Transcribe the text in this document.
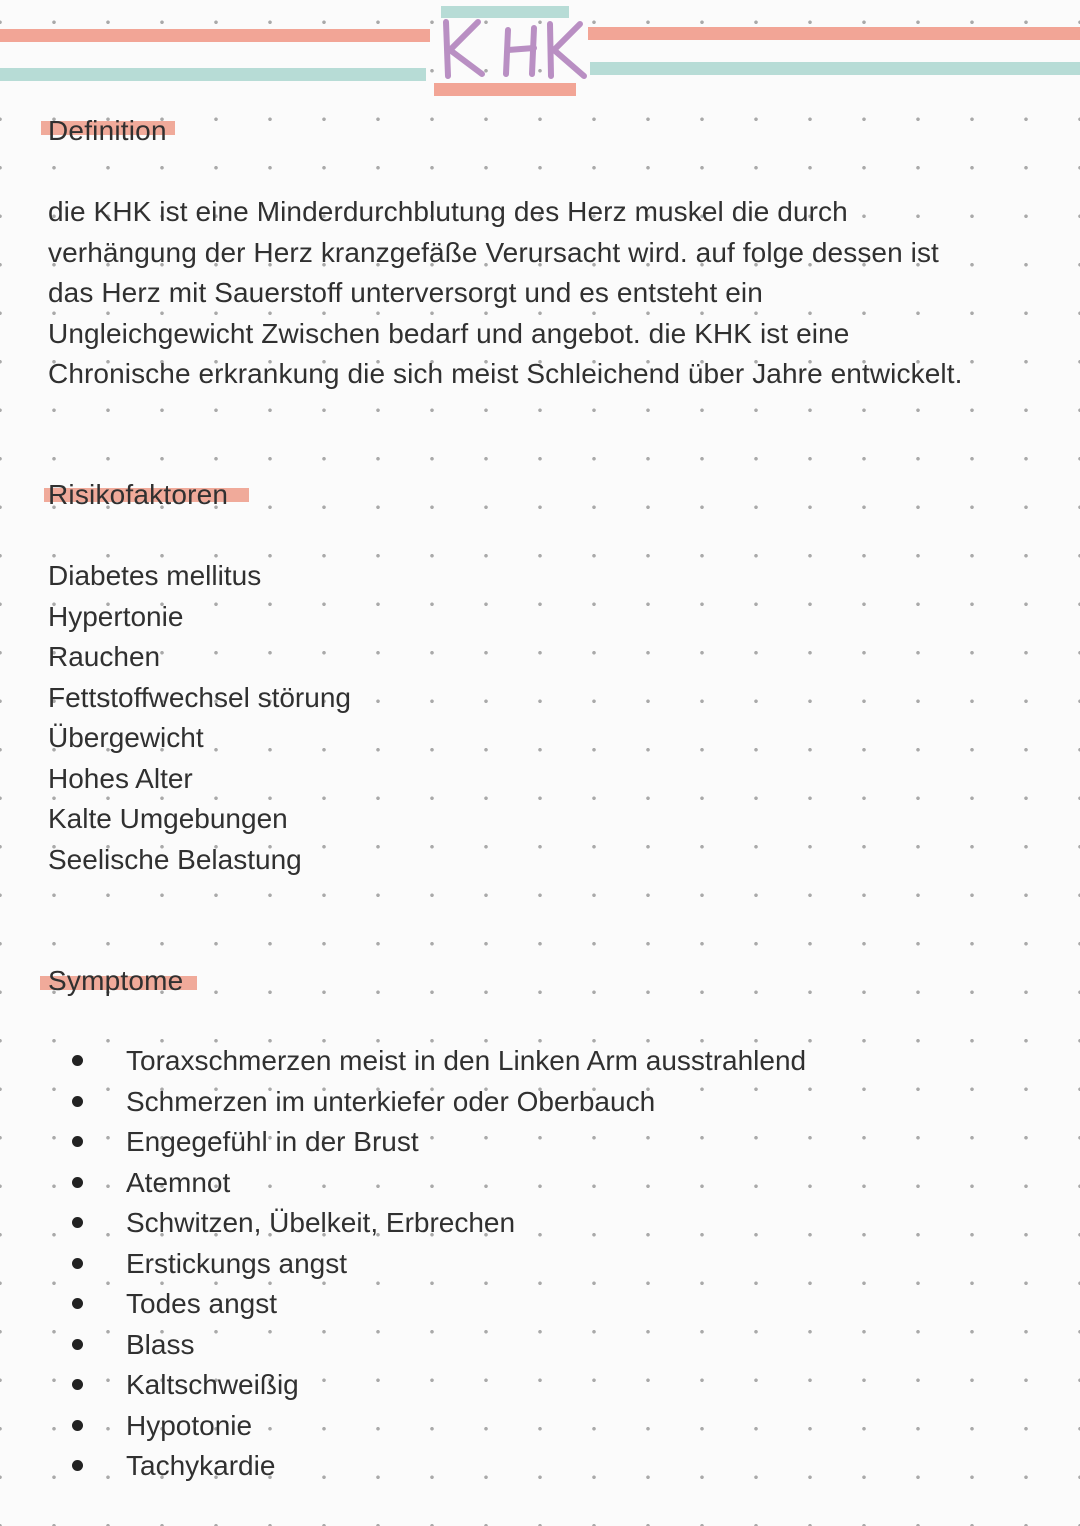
Definition
die KHK ist eine Minderdurchblutung des Herz muskel die durch
verhängung der Herz kranzgefäße Verursacht wird. auf folge dessen ist
das Herz mit Sauerstoff unterversorgt und es entsteht ein
Ungleichgewicht Zwischen bedarf und angebot. die KHK ist eine
Chronische erkrankung die sich meist Schleichend über Jahre entwickelt.
Risikofaktoren
Diabetes mellitus
Hypertonie
Rauchen
Fettstoffwechsel störung
Übergewicht
Hohes Alter
Kalte Umgebungen
Seelische Belastung
Symptome
Toraxschmerzen meist in den Linken Arm ausstrahlend
Schmerzen im unterkiefer oder Oberbauch
Engegefühl in der Brust
Atemnot
Schwitzen, Übelkeit, Erbrechen
Erstickungs angst
Todes angst
Blass
Kaltschweißig
Hypotonie
Tachykardie
